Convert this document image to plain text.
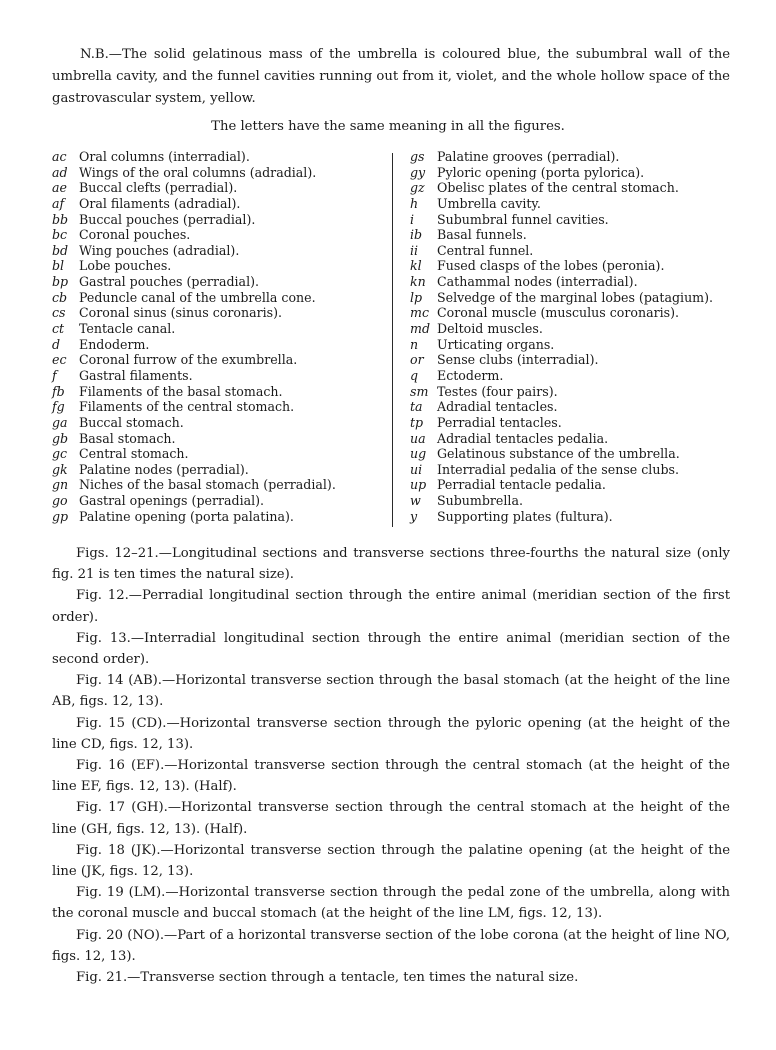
N.B.—The solid gelatinous mass of the umbrella is coloured blue, the subumbral wall of the umbrella cavity, and the funnel cavities running out from it, violet, and the whole hollow space of the gastrovascular system, yellow.

The letters have the same meaning in all the figures.

ac Oral columns (interradial).
ad Wings of the oral columns (adradial).
ae Buccal clefts (perradial).
af	Oral filaments (adradial).
bb Buccal pouches (perradial).
bc Coronal pouches.
bd Wing pouches (adradial).
bl	Lobe pouches.
bp Gastral pouches (perradial).
cb Peduncle canal of the umbrella cone.
cs	Coronal sinus (sinus coronaris).
ct	Tentacle canal.
d	Endoderm.
ec Coronal furrow of the exumbrella.
f	Gastral filaments.
fb	Filaments of the basal stomach.
fg	Filaments of the central stomach.
ga Buccal stomach.
gb Basal stomach.
gc Central stomach.
gk Palatine nodes (perradial).
gn Niches of the basal stomach (perradial).
go Gastral openings (perradial).
gp Palatine opening (porta palatina).
gs Palatine grooves (perradial).
gy Pyloric opening (porta pylorica).
gz Obelisc plates of the central stomach.
h	Umbrella cavity.
i	Subumbral funnel cavities.
ib	Basal funnels.
ii	Central funnel.
kl	Fused clasps of the lobes (peronia).
kn Cathammal nodes (interradial).
lp	Selvedge of the marginal lobes (patagium).
mc Coronal muscle (musculus coronaris).
md Deltoid muscles.
n	Urticating organs.
or	Sense clubs (interradial).
q	Ectoderm.
sm Testes (four pairs).
ta	Adradial tentacles.
tp	Perradial tentacles.
ua Adradial tentacles pedalia.
ug Gelatinous substance of the umbrella.
ui	Interradial pedalia of the sense clubs.
up Perradial tentacle pedalia.
w	Subumbrella.
y	Supporting plates (fultura).

Figs. 12–21.—Longitudinal sections and transverse sections three-fourths the natural size (only fig. 21 is ten times the natural size).

Fig. 12.—Perradial longitudinal section through the entire animal (meridian section of the first order).

Fig. 13.—Interradial longitudinal section through the entire animal (meridian section of the second order).

Fig. 14 (AB).—Horizontal transverse section through the basal stomach (at the height of the line AB, figs. 12, 13).

Fig. 15 (CD).—Horizontal transverse section through the pyloric opening (at the height of the line CD, figs. 12, 13).

Fig. 16 (EF).—Horizontal transverse section through the central stomach (at the height of the line EF, figs. 12, 13). (Half).

Fig. 17 (GH).—Horizontal transverse section through the central stomach at the height of the line (GH, figs. 12, 13). (Half).

Fig. 18 (JK).—Horizontal transverse section through the palatine opening (at the height of the line (JK, figs. 12, 13).

Fig. 19 (LM).—Horizontal transverse section through the pedal zone of the umbrella, along with the coronal muscle and buccal stomach (at the height of the line LM, figs. 12, 13).

Fig. 20 (NO).—Part of a horizontal transverse section of the lobe corona (at the height of line NO, figs. 12, 13).

Fig. 21.—Transverse section through a tentacle, ten times the natural size.
